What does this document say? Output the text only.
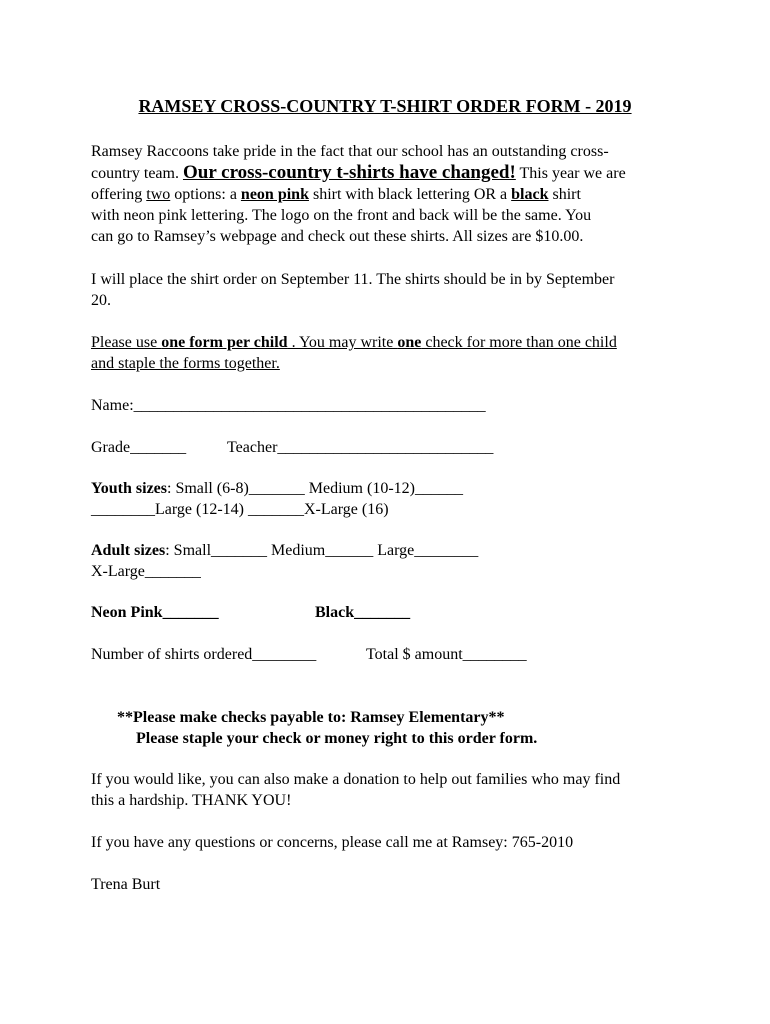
RAMSEY CROSS-COUNTRY T-SHIRT ORDER FORM - 2019
Ramsey Raccoons take pride in the fact that our school has an outstanding cross-
country team. Our cross-country t-shirts have changed! This year we are
offering two options: a neon pink shirt with black lettering OR a black shirt
with neon pink lettering. The logo on the front and back will be the same. You
can go to Ramsey’s webpage and check out these shirts. All sizes are $10.00.
I will place the shirt order on September 11. The shirts should be in by September
20.
Please use one form per child . You may write one check for more than one child
and staple the forms together.
Name:____________________________________________
Grade_______	Teacher___________________________
Youth sizes: Small (6-8)_______ Medium (10-12)______
________Large (12-14) _______X-Large (16)
Adult sizes: Small_______ Medium______ Large________
X-Large_______
Neon Pink_______	Black_______
Number of shirts ordered________	Total $ amount________
**Please make checks payable to: Ramsey Elementary**
Please staple your check or money right to this order form.
If you would like, you can also make a donation to help out families who may find
this a hardship. THANK YOU!
If you have any questions or concerns, please call me at Ramsey: 765-2010
Trena Burt
